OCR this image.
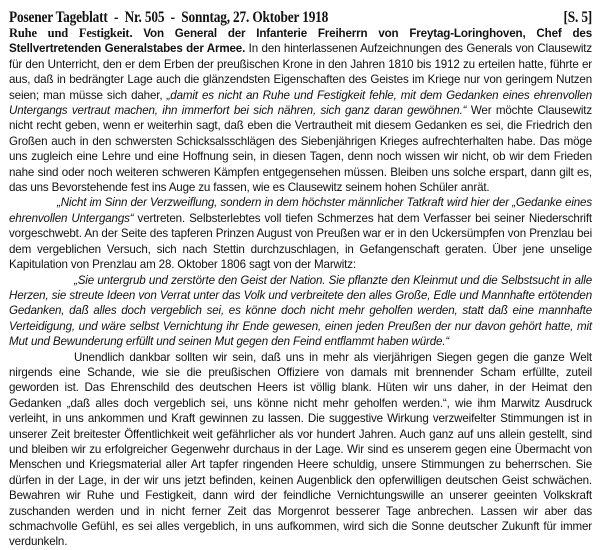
Posener Tageblatt  -  Nr. 505  -  Sonntag, 27. Oktober 1918	[S. 5]

Ruhe und Festigkeit. Von General der Infanterie Freiherrn von Freytag-Loringhoven, Chef des Stellvertretenden Generalstabes der Armee. In den hinterlassenen Aufzeichnungen des Generals von Clausewitz für den Unterricht, den er dem Erben der preußischen Krone in den Jahren 1810 bis 1912 zu erteilen hatte, führte er aus, daß in bedrängter Lage auch die glänzendsten Eigenschaften des Geistes im Kriege nur von geringem Nutzen seien; man müsse sich daher, „damit es nicht an Ruhe und Festigkeit fehle, mit dem Gedanken eines ehrenvollen Untergangs vertraut machen, ihn immerfort bei sich nähren, sich ganz daran gewöhnen.“ Wer möchte Clausewitz nicht recht geben, wenn er weiterhin sagt, daß eben die Vertrautheit mit diesem Gedanken es sei, die Friedrich den Großen auch in den schwersten Schicksalsschlägen des Siebenjährigen Krieges aufrechterhalten habe. Das möge uns zugleich eine Lehre und eine Hoffnung sein, in diesen Tagen, denn noch wissen wir nicht, ob wir dem Frieden nahe sind oder noch weiteren schweren Kämpfen entgegensehen müssen. Bleiben uns solche erspart, dann gilt es, das uns Bevorstehende fest ins Auge zu fassen, wie es Clausewitz seinem hohen Schüler anrät.

„Nicht im Sinn der Verzweiflung, sondern in dem höchster männlicher Tatkraft wird hier der „Gedanke eines ehrenvollen Untergangs“ vertreten. Selbsterlebtes voll tiefen Schmerzes hat dem Verfasser bei seiner Niederschrift vorgeschwebt. An der Seite des tapferen Prinzen August von Preußen war er in den Uckersümpfen von Prenzlau bei dem vergeblichen Versuch, sich nach Stettin durchzuschlagen, in Gefangenschaft geraten. Über jene unselige Kapitulation von Prenzlau am 28. Oktober 1806 sagt von der Marwitz:

„Sie untergrub und zerstörte den Geist der Nation. Sie pflanzte den Kleinmut und die Selbstsucht in alle Herzen, sie streute Ideen von Verrat unter das Volk und verbreitete den alles Große, Edle und Mannhafte ertötenden Gedanken, daß alles doch vergeblich sei, es könne doch nicht mehr geholfen werden, statt daß eine mannhafte Verteidigung, und wäre selbst Vernichtung ihr Ende gewesen, einen jeden Preußen der nur davon gehört hatte, mit Mut und Bewunderung erfüllt und seinen Mut gegen den Feind entflammt haben würde.“

Unendlich dankbar sollten wir sein, daß uns in mehr als vierjährigen Siegen gegen die ganze Welt nirgends eine Schande, wie sie die preußischen Offiziere von damals mit brennender Scham erfüllte, zuteil geworden ist. Das Ehrenschild des deutschen Heers ist völlig blank. Hüten wir uns daher, in der Heimat den Gedanken „daß alles doch vergeblich sei, uns könne nicht mehr geholfen werden.“, wie ihm Marwitz Ausdruck verleiht, in uns ankommen und Kraft gewinnen zu lassen. Die suggestive Wirkung verzweifelter Stimmungen ist in unserer Zeit breitester Öffentlichkeit weit gefährlicher als vor hundert Jahren. Auch ganz auf uns allein gestellt, sind und bleiben wir zu erfolgreicher Gegenwehr durchaus in der Lage. Wir sind es unserem gegen eine Übermacht von Menschen und Kriegsmaterial aller Art tapfer ringenden Heere schuldig, unsere Stimmungen zu beherrschen. Sie dürfen in der Lage, in der wir uns jetzt befinden, keinen Augenblick den opferwilligen deutschen Geist schwächen. Bewahren wir Ruhe und Festigkeit, dann wird der feindliche Vernichtungswille an unserer geeinten Volkskraft zuschanden werden und in nicht ferner Zeit das Morgenrot besserer Tage anbrechen. Lassen wir aber das schmachvolle Gefühl, es sei alles vergeblich, in uns aufkommen, wird sich die Sonne deutscher Zukunft für immer verdunkeln.
